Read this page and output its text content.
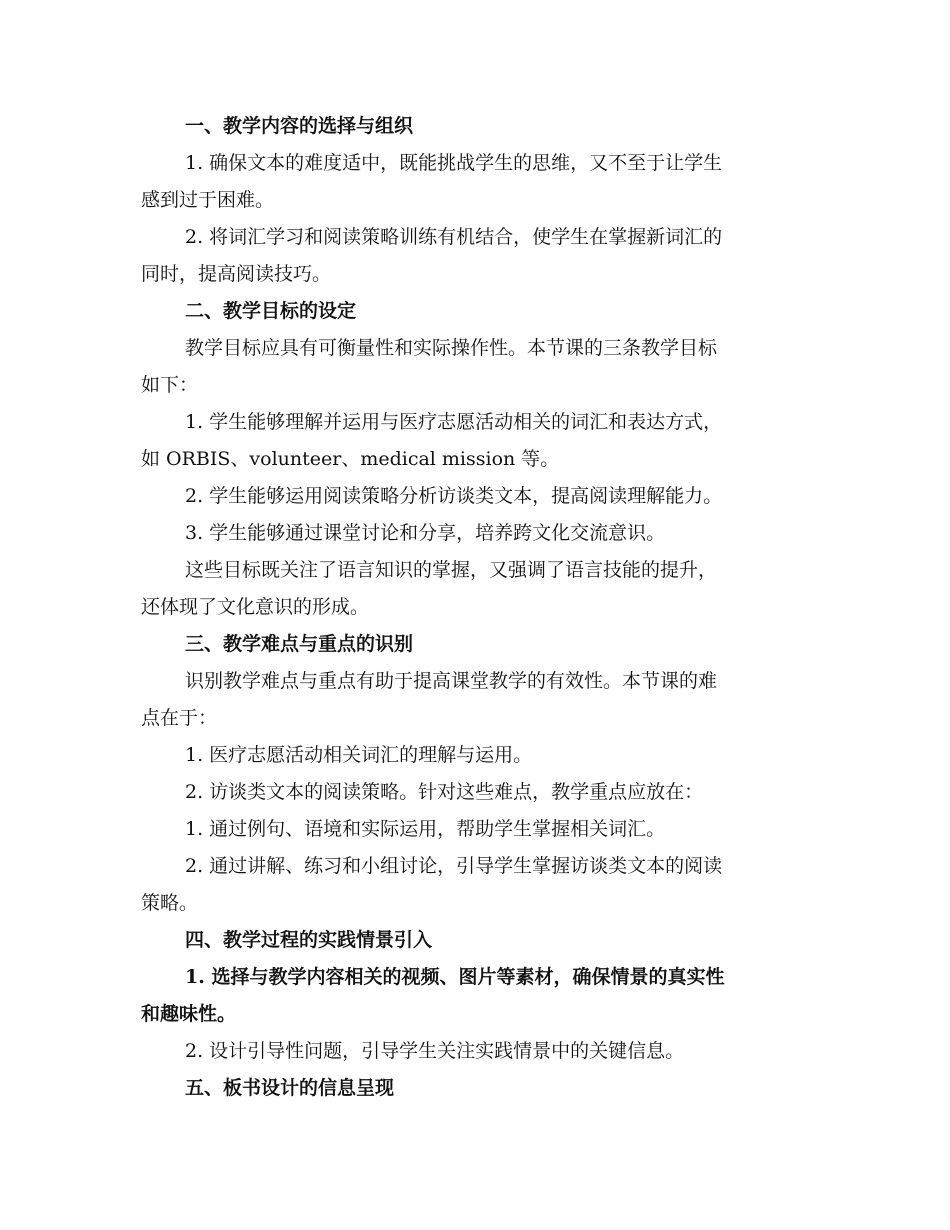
一、教学内容的选择与组织
1. 确保文本的难度适中，既能挑战学生的思维，又不至于让学生
感到过于困难。
2. 将词汇学习和阅读策略训练有机结合，使学生在掌握新词汇的
同时，提高阅读技巧。
二、教学目标的设定
教学目标应具有可衡量性和实际操作性。本节课的三条教学目标
如下：
1. 学生能够理解并运用与医疗志愿活动相关的词汇和表达方式，
如 ORBIS、volunteer、medical mission 等。
2. 学生能够运用阅读策略分析访谈类文本，提高阅读理解能力。
3. 学生能够通过课堂讨论和分享，培养跨文化交流意识。
这些目标既关注了语言知识的掌握，又强调了语言技能的提升，
还体现了文化意识的形成。
三、教学难点与重点的识别
识别教学难点与重点有助于提高课堂教学的有效性。本节课的难
点在于：
1. 医疗志愿活动相关词汇的理解与运用。
2. 访谈类文本的阅读策略。针对这些难点，教学重点应放在：
1. 通过例句、语境和实际运用，帮助学生掌握相关词汇。
2. 通过讲解、练习和小组讨论，引导学生掌握访谈类文本的阅读
策略。
四、教学过程的实践情景引入
1. 选择与教学内容相关的视频、图片等素材，确保情景的真实性
和趣味性。
2. 设计引导性问题，引导学生关注实践情景中的关键信息。
五、板书设计的信息呈现
